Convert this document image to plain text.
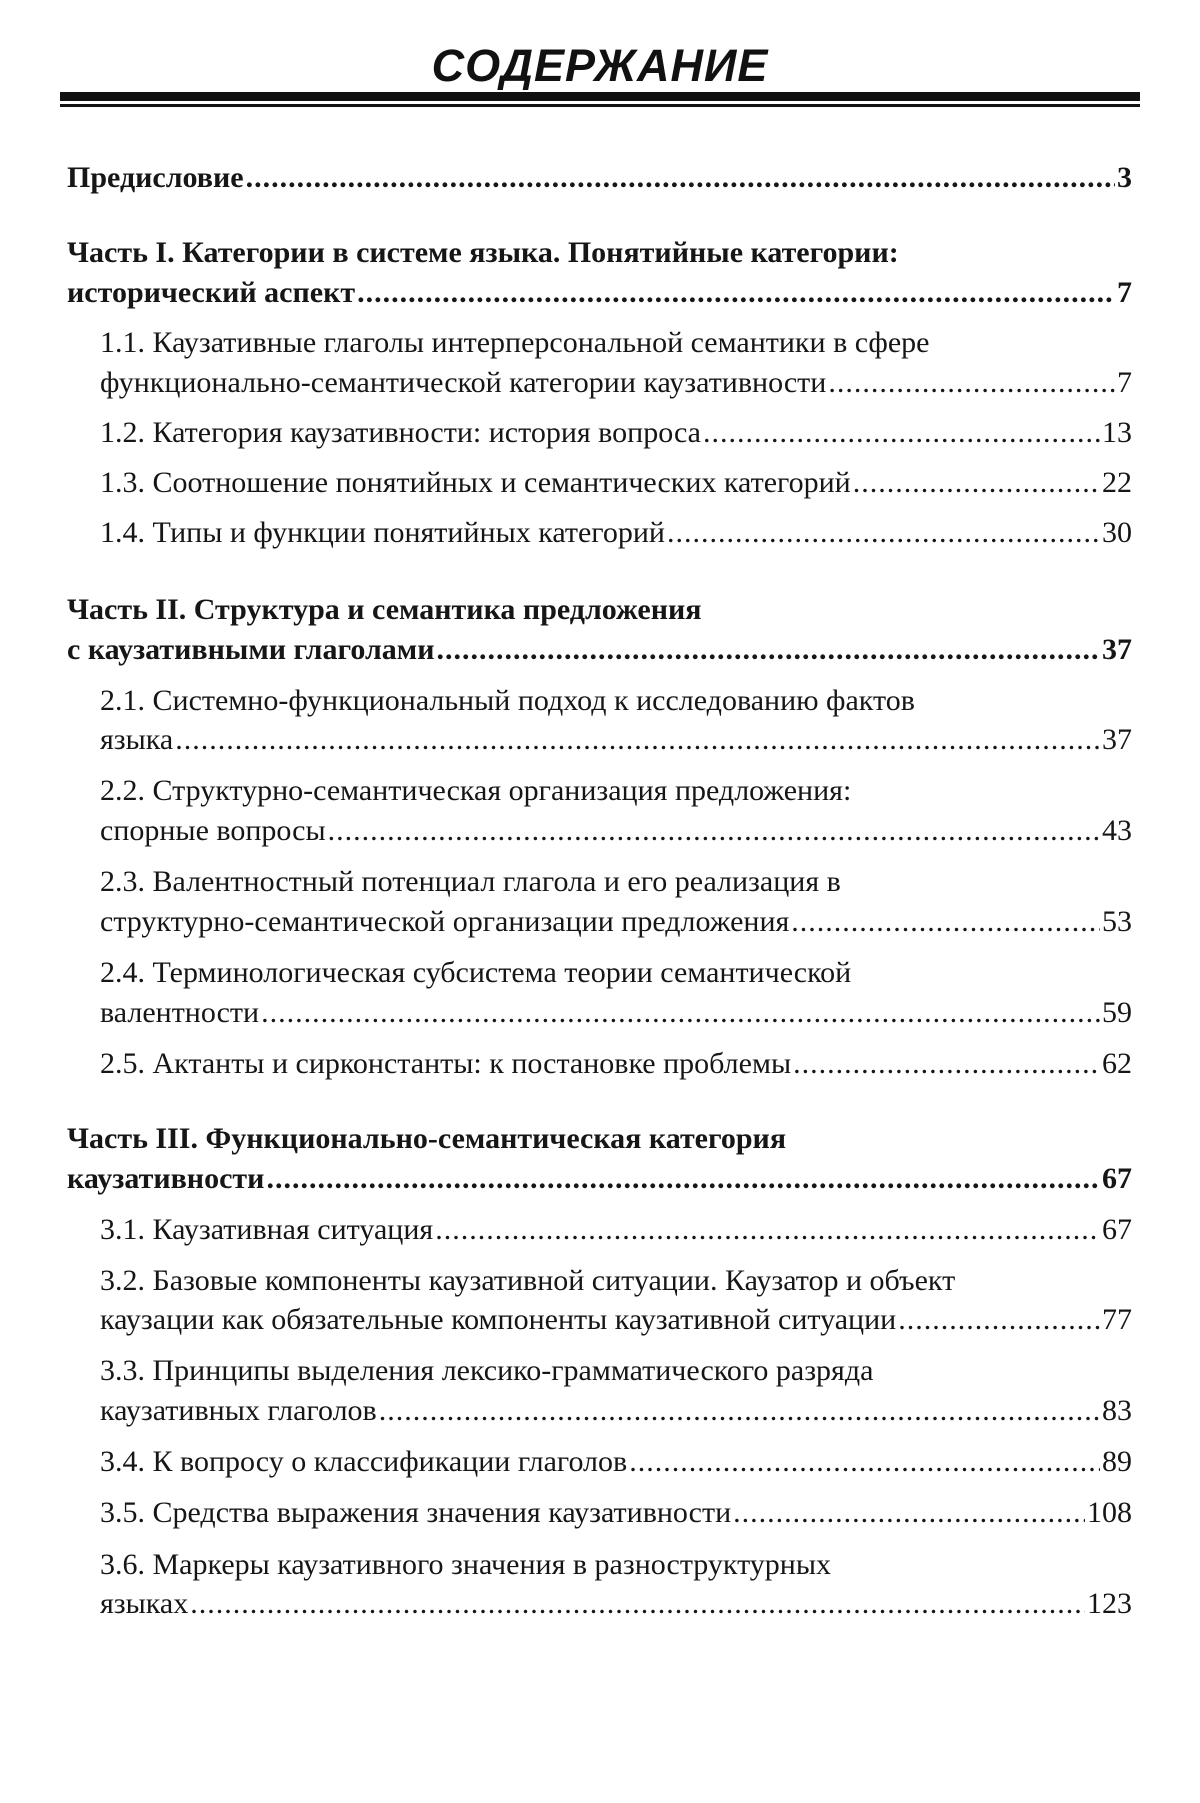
СОДЕРЖАНИЕ
Предисловие .....	3
Часть I. Категории в системе языка. Понятийные категории:
исторический аспект .....	7
1.1. Каузативные глаголы интерперсональной семантики в сфере
функционально-семантической категории каузативности .....	7
1.2. Категория каузативности: история вопроса .....	13
1.3. Соотношение понятийных и семантических категорий .....	22
1.4. Типы и функции понятийных категорий .....	30
Часть II. Структура и семантика предложения
с каузативными глаголами .....	37
2.1. Системно-функциональный подход к исследованию фактов
языка .....	37
2.2. Структурно-семантическая организация предложения:
спорные вопросы .....	43
2.3. Валентностный потенциал глагола и его реализация в
структурно-семантической организации предложения .....	53
2.4. Терминологическая субсистема теории семантической
валентности .....	59
2.5. Актанты и сирконстанты: к постановке проблемы .....	62
Часть III. Функционально-семантическая категория
каузативности .....	67
3.1. Каузативная ситуация .....	67
3.2. Базовые компоненты каузативной ситуации. Каузатор и объект
каузации как обязательные компоненты каузативной ситуации .....	77
3.3. Принципы выделения лексико-грамматического разряда
каузативных глаголов .....	83
3.4. К вопросу о классификации глаголов .....	89
3.5. Средства выражения значения каузативности .....	108
3.6. Маркеры каузативного значения в разноструктурных
языках .....	123
